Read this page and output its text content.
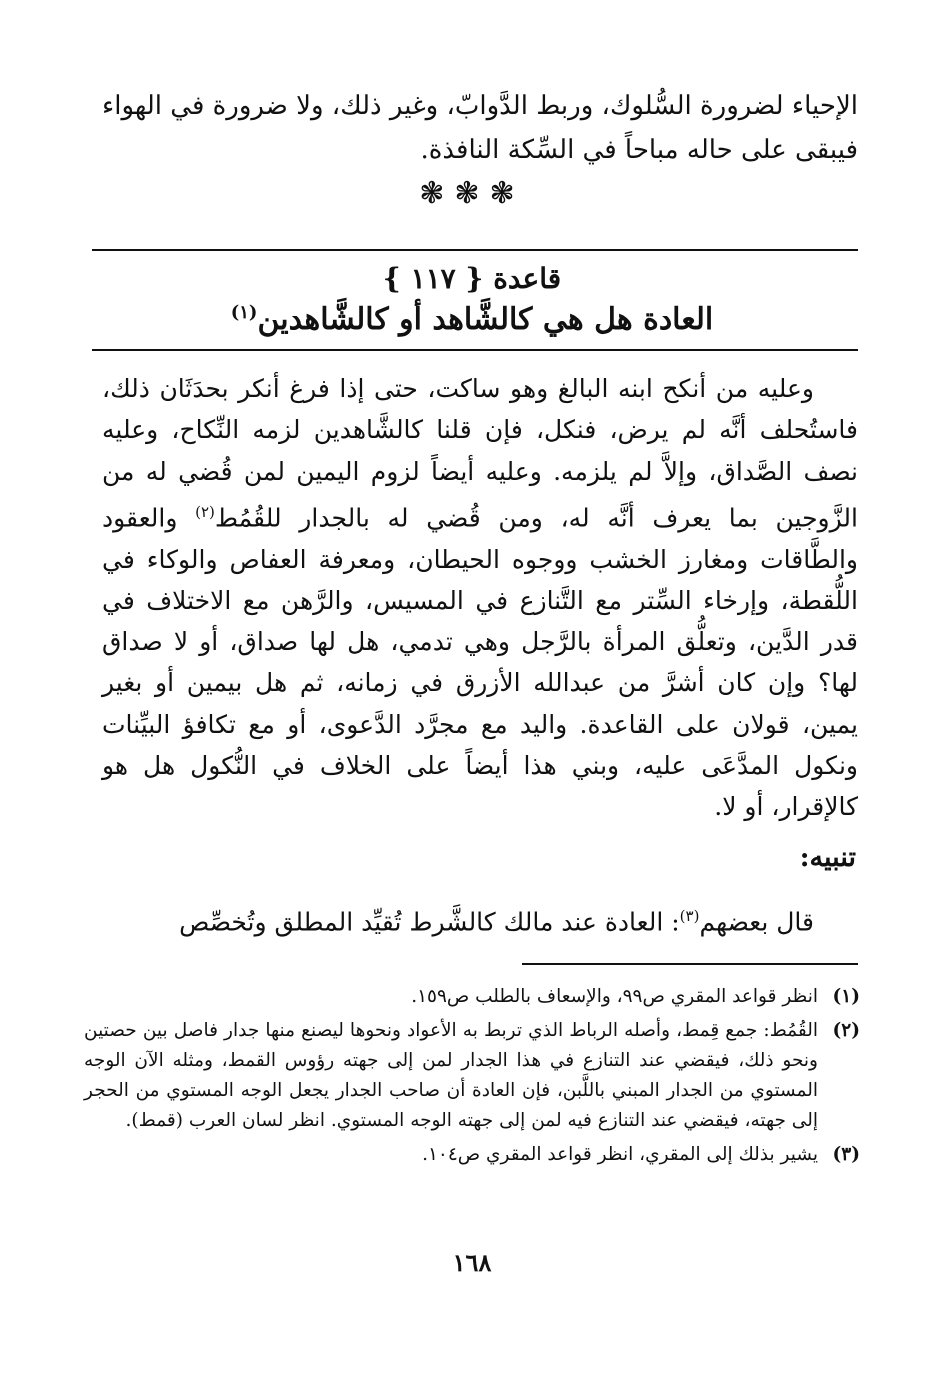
الإحياء لضرورة السُّلوك، وربط الدَّوابّ، وغير ذلك، ولا ضرورة في الهواء فيبقى على حاله مباحاً في السِّكة النافذة.

❃❃❃
قاعدة { ١١٧ }
العادة هل هي كالشَّاهد أو كالشَّاهدين$^{(١)}$

وعليه من أنكح ابنه البالغ وهو ساكت، حتى إذا فرغ أنكر بحدَثَان ذلك، فاستُحلف أنَّه لم يرض، فنكل، فإن قلنا كالشَّاهدين لزمه النِّكاح، وعليه نصف الصَّداق، وإلاَّ لم يلزمه. وعليه أيضاً لزوم اليمين لمن قُضي له من الزَّوجين بما يعرف أنَّه له، ومن قُضي له بالجدار للقُمُط$^{(٢)}$ والعقود والطَّاقات ومغارز الخشب ووجوه الحيطان، ومعرفة العفاص والوكاء في اللُّقطة، وإرخاء السِّتر مع التَّنازع في المسيس، والرَّهن مع الاختلاف في قدر الدَّين، وتعلُّق المرأة بالرَّجل وهي تدمي، هل لها صداق، أو لا صداق لها؟ وإن كان أشرَّ من عبدالله الأزرق في زمانه، ثم هل بيمين أو بغير يمين، قولان على القاعدة. واليد مع مجرَّد الدَّعوى، أو مع تكافؤ البيِّنات ونكول المدَّعَى عليه، وبني هذا أيضاً على الخلاف في النُّكول هل هو كالإقرار، أو لا.

تنبيه:

قال بعضهم$^{(٣)}$: العادة عند مالك كالشَّرط تُقيِّد المطلق وتُخصِّص

(١)
انظر قواعد المقري ص٩٩، والإسعاف بالطلب ص١٥٩.
(٢)
القُمُط: جمع قِمط، وأصله الرباط الذي تربط به الأعواد ونحوها ليصنع منها جدار فاصل بين حصتين ونحو ذلك، فيقضي عند التنازع في هذا الجدار لمن إلى جهته رؤوس القمط، ومثله الآن الوجه المستوي من الجدار المبني باللَّبن، فإن العادة أن صاحب الجدار يجعل الوجه المستوي من الحجر إلى جهته، فيقضي عند التنازع فيه لمن إلى جهته الوجه المستوي. انظر لسان العرب (قمط).
(٣)
يشير بذلك إلى المقري، انظر قواعد المقري ص١٠٤.
١٦٨
